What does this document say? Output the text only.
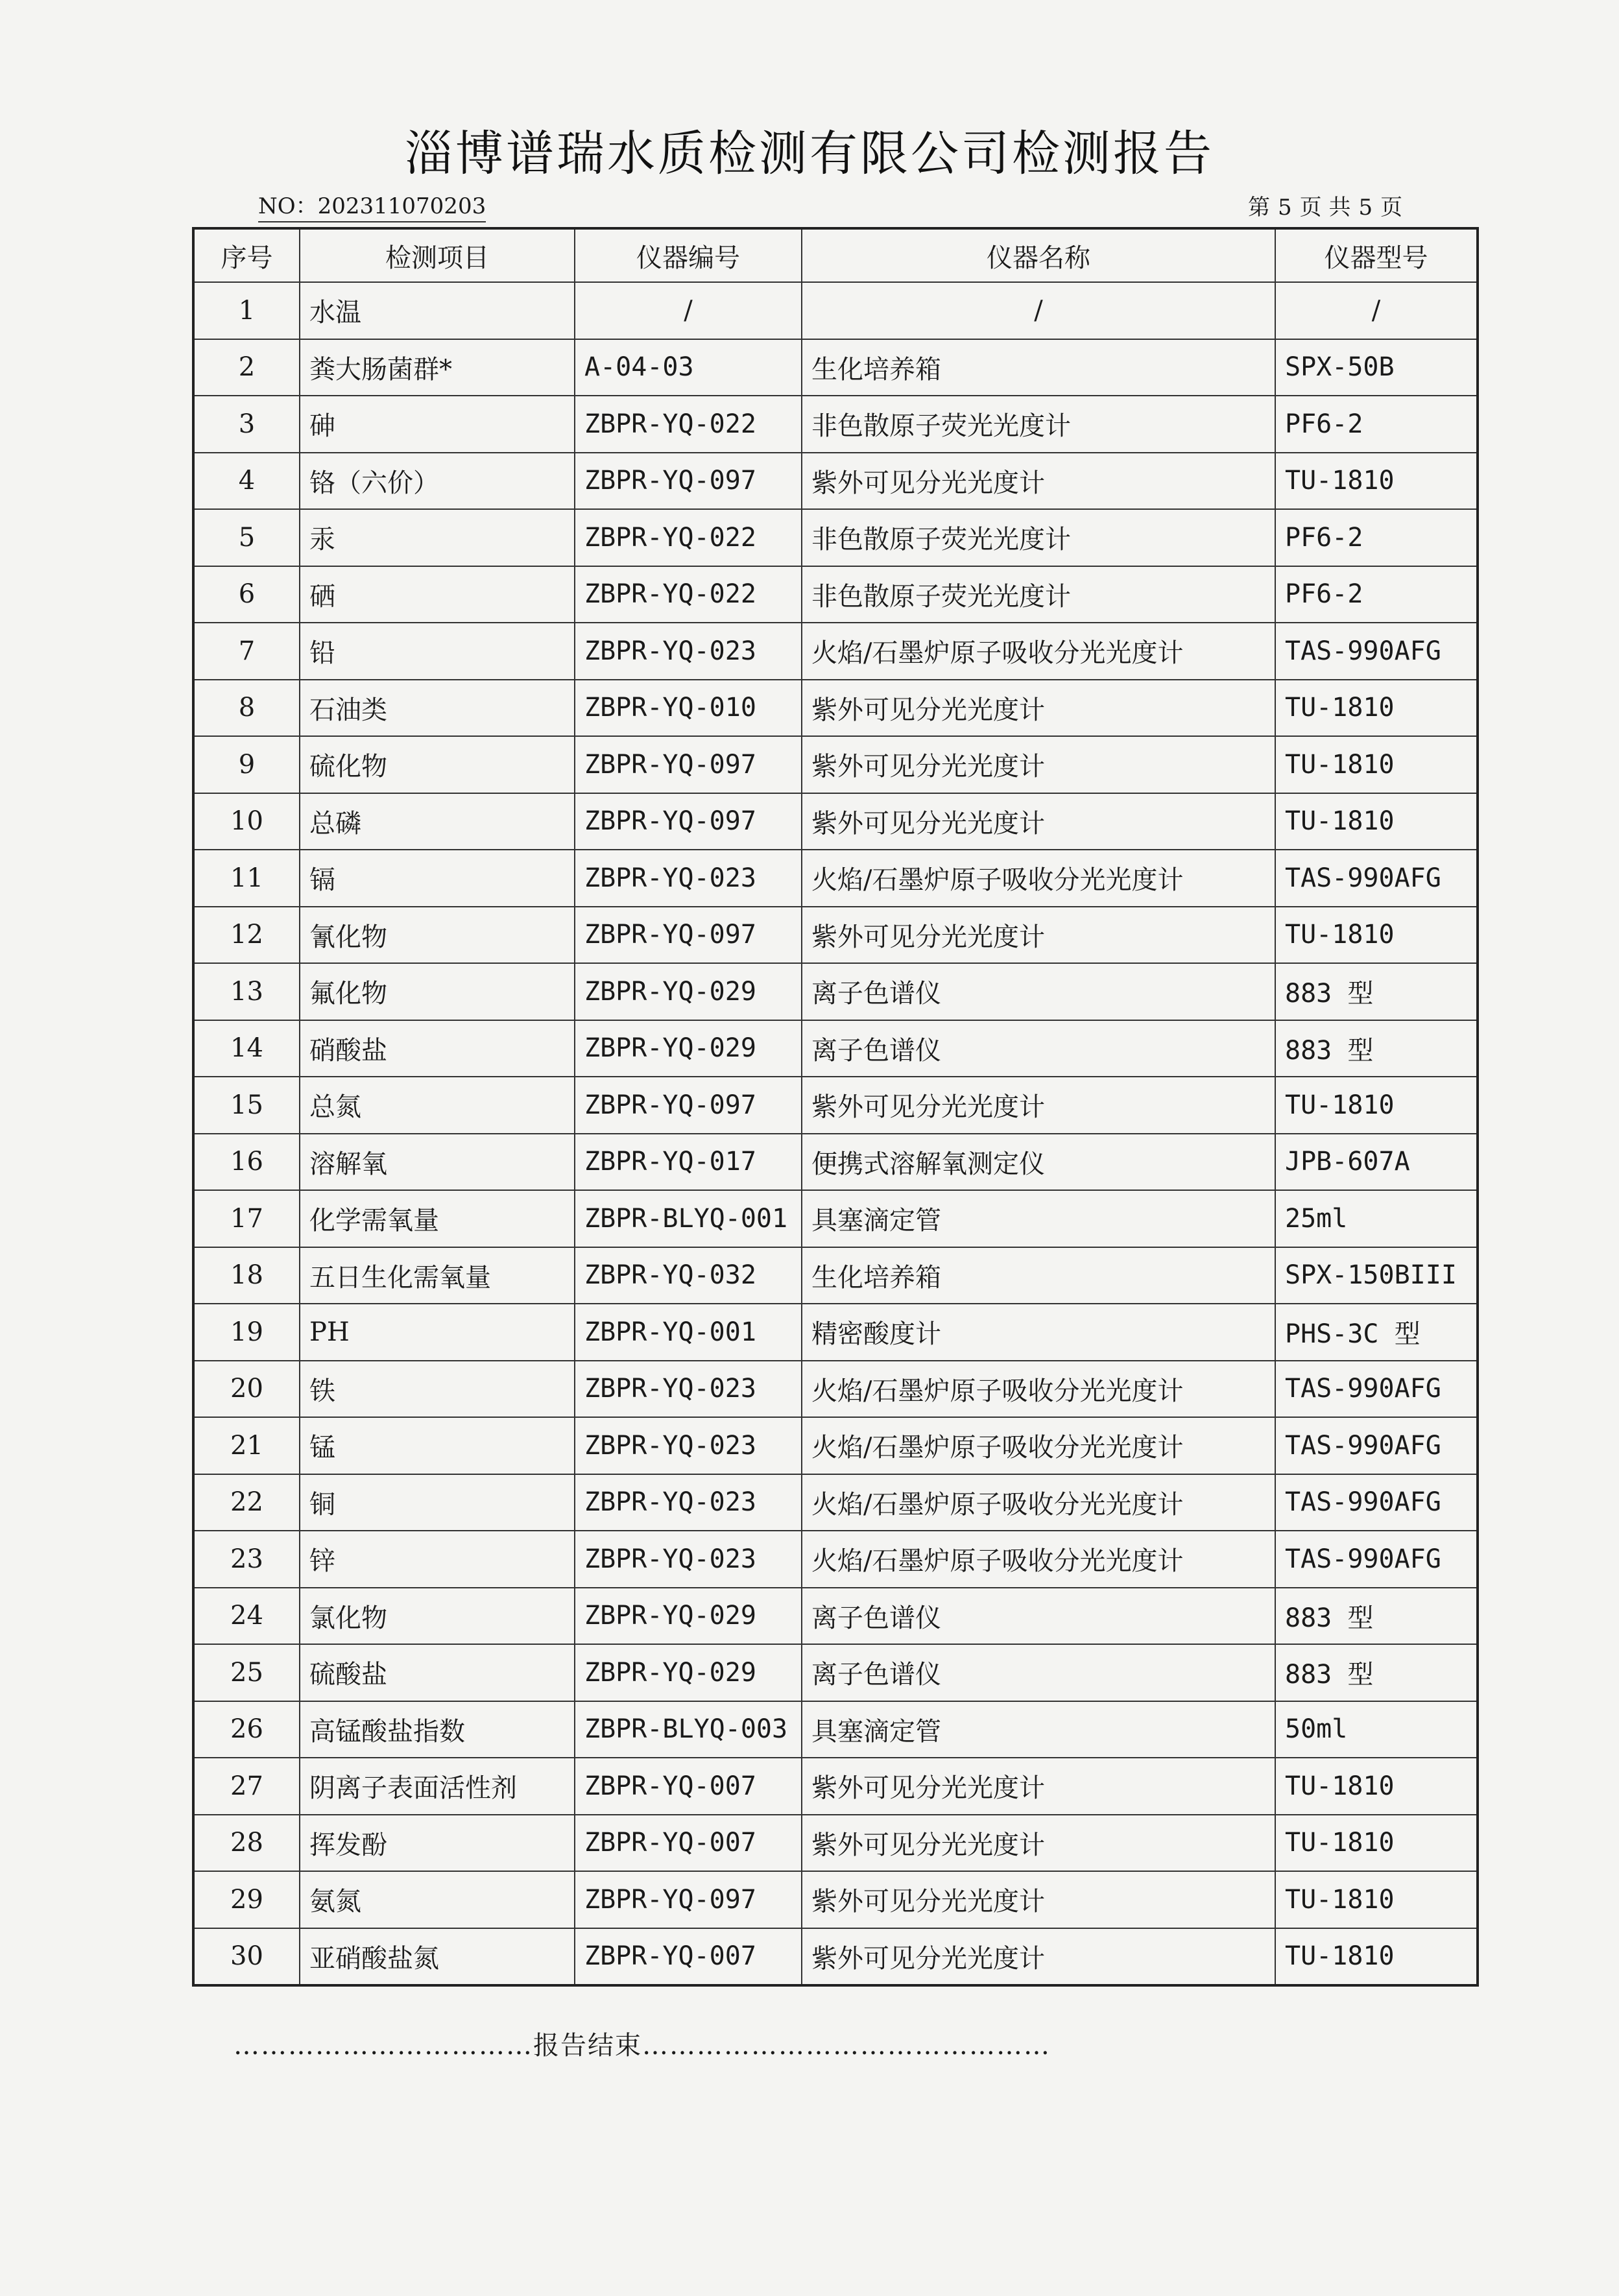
淄博谱瑞水质检测有限公司检测报告
NO：202311070203	第 5 页 共 5 页
序号	检测项目	仪器编号	仪器名称	仪器型号
1	水温	/	/	/
2	粪大肠菌群*	A-04-03	生化培养箱	SPX-50B
3	砷	ZBPR-YQ-022	非色散原子荧光光度计	PF6-2
4	铬（六价）	ZBPR-YQ-097	紫外可见分光光度计	TU-1810
5	汞	ZBPR-YQ-022	非色散原子荧光光度计	PF6-2
6	硒	ZBPR-YQ-022	非色散原子荧光光度计	PF6-2
7	铅	ZBPR-YQ-023	火焰/石墨炉原子吸收分光光度计	TAS-990AFG
8	石油类	ZBPR-YQ-010	紫外可见分光光度计	TU-1810
9	硫化物	ZBPR-YQ-097	紫外可见分光光度计	TU-1810
10	总磷	ZBPR-YQ-097	紫外可见分光光度计	TU-1810
11	镉	ZBPR-YQ-023	火焰/石墨炉原子吸收分光光度计	TAS-990AFG
12	氰化物	ZBPR-YQ-097	紫外可见分光光度计	TU-1810
13	氟化物	ZBPR-YQ-029	离子色谱仪	883 型
14	硝酸盐	ZBPR-YQ-029	离子色谱仪	883 型
15	总氮	ZBPR-YQ-097	紫外可见分光光度计	TU-1810
16	溶解氧	ZBPR-YQ-017	便携式溶解氧测定仪	JPB-607A
17	化学需氧量	ZBPR-BLYQ-001	具塞滴定管	25ml
18	五日生化需氧量	ZBPR-YQ-032	生化培养箱	SPX-150BIII
19	PH	ZBPR-YQ-001	精密酸度计	PHS-3C 型
20	铁	ZBPR-YQ-023	火焰/石墨炉原子吸收分光光度计	TAS-990AFG
21	锰	ZBPR-YQ-023	火焰/石墨炉原子吸收分光光度计	TAS-990AFG
22	铜	ZBPR-YQ-023	火焰/石墨炉原子吸收分光光度计	TAS-990AFG
23	锌	ZBPR-YQ-023	火焰/石墨炉原子吸收分光光度计	TAS-990AFG
24	氯化物	ZBPR-YQ-029	离子色谱仪	883 型
25	硫酸盐	ZBPR-YQ-029	离子色谱仪	883 型
26	高锰酸盐指数	ZBPR-BLYQ-003	具塞滴定管	50ml
27	阴离子表面活性剂	ZBPR-YQ-007	紫外可见分光光度计	TU-1810
28	挥发酚	ZBPR-YQ-007	紫外可见分光光度计	TU-1810
29	氨氮	ZBPR-YQ-097	紫外可见分光光度计	TU-1810
30	亚硝酸盐氮	ZBPR-YQ-007	紫外可见分光光度计	TU-1810
……………………………报告结束………………………………………
